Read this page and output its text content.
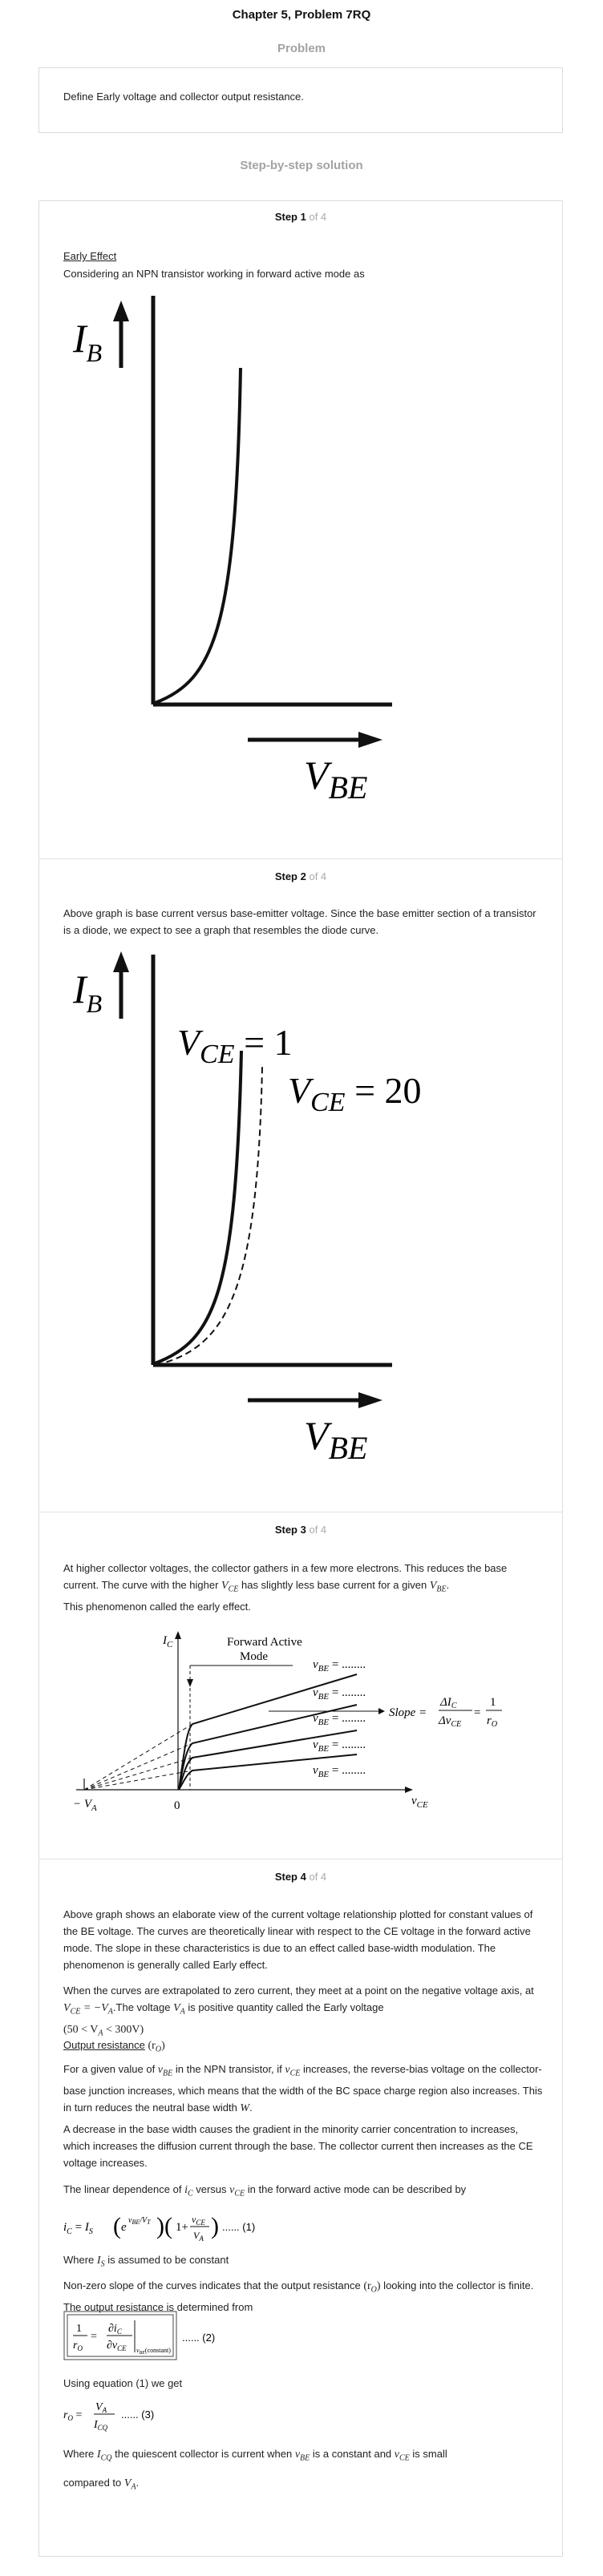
Chapter 5, Problem 7RQ
Problem
Define Early voltage and collector output resistance.
Step-by-step solution
Step 1 of 4
Early Effect
Considering an NPN transistor working in forward active mode as
$I_B$
$V_{BE}$
Step 2 of 4
Above graph is base current versus base-emitter voltage. Since the base emitter section of a transistor is a diode, we expect to see a graph that resembles the diode curve.
$I_B$
$V_{CE} = 1$
$V_{CE} = 20$
$V_{BE}$
Step 3 of 4
At higher collector voltages, the collector gathers in a few more electrons. This reduces the base current. The curve with the higher $V_{CE}$ has slightly less base current for a given $V_{BE}$.
This phenomenon called the early effect.
$I_C$	Forward Active
Mode
$v_{BE}$ = ........
$v_{BE}$ = ........
$v_{BE}$ = ........
$v_{BE}$ = ........
$v_{BE}$ = ........
Slope =
$\Delta I_C$
$\Delta v_{CE}$
=
1
$r_O$
− $V_A$	0	$v_{CE}$
Step 4 of 4
Above graph shows an elaborate view of the current voltage relationship plotted for constant values of the BE voltage. The curves are theoretically linear with respect to the CE voltage in the forward active mode. The slope in these characteristics is due to an effect called base-width modulation. The phenomenon is generally called Early effect.
When the curves are extrapolated to zero current, they meet at a point on the negative voltage axis, at $V_{CE} = -V_A.The$ voltage $V_A$ is positive quantity called the Early voltage
$(50 < V_A < 300V)$
Output resistance $(r_O)$
For a given value of $v_{BE}$ in the NPN transistor, if $v_{CE}$ increases, the reverse-bias voltage on the collector-base junction increases, which means that the width of the BC space charge region also increases. This in turn reduces the neutral base width W.
A decrease in the base width causes the gradient in the minority carrier concentration to increases, which increases the diffusion current through the base. The collector current then increases as the CE voltage increases.
The linear dependence of $i_C$ versus $v_{CE}$ in the forward active mode can be described by
$i_C = I_S$ ( e
$v_{BE}/V_T$ )( 1+
$v_{CE}$
$V_A$ ) ...... (1)
Where $I_S$ is assumed to be constant
Non-zero slope of the curves indicates that the output resistance $(r_O)$ looking into the collector is finite. The output resistance is determined from
1
$r_O$
=
$\partial i_C$
$\partial v_{CE}$ $v_{BE}(constant)$
...... (2)
Using equation (1) we get
$r_O$ =
$V_A$
$I_{CQ}$
...... (3)
Where $I_{CQ}$ the quiescent collector is current when $v_{BE}$ is a constant and $v_{CE}$ is small
compared to $V_A$.
